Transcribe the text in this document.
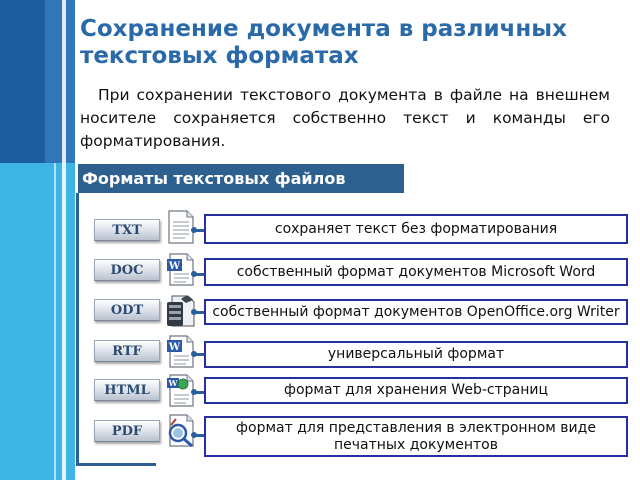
Сохранение документа в различных текстовых форматах

При сохранении текстового документа в файле на внешнем носителе сохраняется собственно текст и команды его форматирования.

Форматы текстовых файлов
TXT	сохраняет текст без форматирования
DOC	W	собственный формат документов Microsoft Word
ODT	собственный формат документов OpenOffice.org Writer
RTF	W	универсальный формат
HTML	W	формат для хранения Web-страниц
PDF	формат для представления в электронном виде печатных документов
